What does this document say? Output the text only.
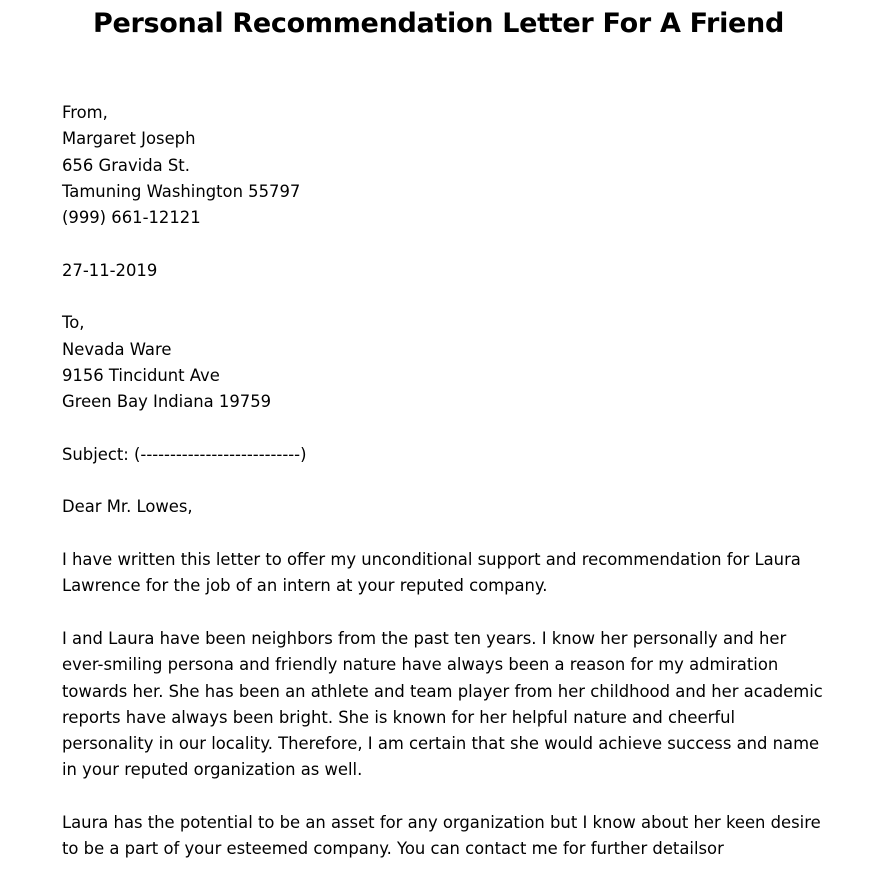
Personal Recommendation Letter For A Friend
From,
Margaret Joseph
656 Gravida St.
Tamuning Washington 55797
(999) 661-12121
27-11-2019
To,
Nevada Ware
9156 Tincidunt Ave
Green Bay Indiana 19759
Subject: (---------------------------)
Dear Mr. Lowes,
I have written this letter to offer my unconditional support and recommendation for Laura
Lawrence for the job of an intern at your reputed company.
I and Laura have been neighbors from the past ten years. I know her personally and her
ever-smiling persona and friendly nature have always been a reason for my admiration
towards her. She has been an athlete and team player from her childhood and her academic
reports have always been bright. She is known for her helpful nature and cheerful
personality in our locality. Therefore, I am certain that she would achieve success and name
in your reputed organization as well.
Laura has the potential to be an asset for any organization but I know about her keen desire
to be a part of your esteemed company. You can contact me for further detailsor
